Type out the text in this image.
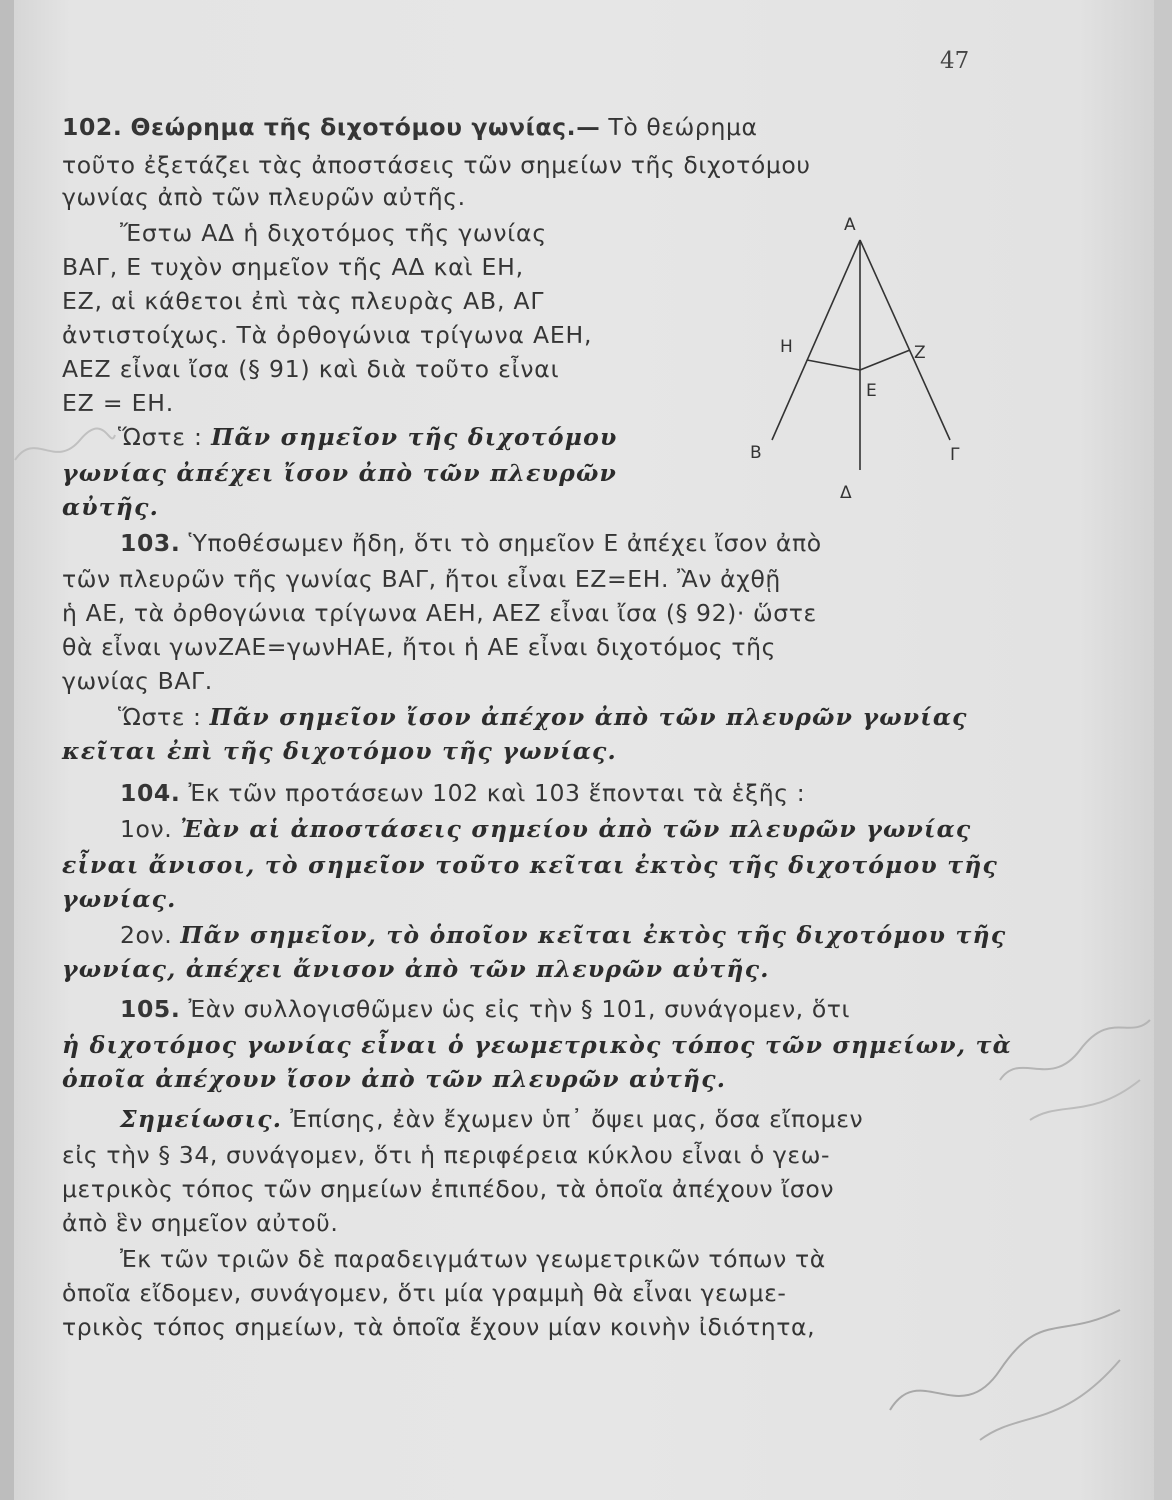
47

102. Θεώρημα τῆς διχοτόμου γωνίας.— Τὸ θεώρημα

τοῦτο ἐξετάζει τὰς ἀποστάσεις τῶν σημείων τῆς διχοτόμου

γωνίας ἀπὸ τῶν πλευρῶν αὐτῆς.

Ἔστω ΑΔ ἡ διχοτόμος τῆς γωνίας

ΒΑΓ, Ε τυχὸν σημεῖον τῆς ΑΔ καὶ ΕΗ,

ΕΖ, αἱ κάθετοι ἐπὶ τὰς πλευρὰς ΑΒ, ΑΓ

ἀντιστοίχως. Τὰ ὀρθογώνια τρίγωνα ΑΕΗ,

ΑΕΖ εἶναι ἴσα (§ 91) καὶ διὰ τοῦτο εἶναι

ΕΖ = ΕΗ.

Ὥστε : Πᾶν σημεῖον τῆς διχοτόμου

γωνίας ἀπέχει ἴσον ἀπὸ τῶν πλευρῶν

αὐτῆς.

Α
Β	Γ
Δ
Ε
Ζ
Η

103. Ὑποθέσωμεν ἤδη, ὅτι τὸ σημεῖον Ε ἀπέχει ἴσον ἀπὸ

τῶν πλευρῶν τῆς γωνίας ΒΑΓ, ἤτοι εἶναι ΕΖ=ΕΗ. Ἂν ἀχθῇ

ἡ ΑΕ, τὰ ὀρθογώνια τρίγωνα ΑΕΗ, ΑΕΖ εἶναι ἴσα (§ 92)· ὥστε

θὰ εἶναι γωνΖΑΕ=γωνΗΑΕ, ἤτοι ἡ ΑΕ εἶναι διχοτόμος τῆς

γωνίας ΒΑΓ.

Ὥστε : Πᾶν σημεῖον ἴσον ἀπέχον ἀπὸ τῶν πλευρῶν γωνίας

κεῖται ἐπὶ τῆς διχοτόμου τῆς γωνίας.

104. Ἐκ τῶν προτάσεων 102 καὶ 103 ἕπονται τὰ ἑξῆς :

1ον. Ἐὰν αἱ ἀποστάσεις σημείου ἀπὸ τῶν πλευρῶν γωνίας

εἶναι ἄνισοι, τὸ σημεῖον τοῦτο κεῖται ἐκτὸς τῆς διχοτόμου τῆς

γωνίας.

2ον. Πᾶν σημεῖον, τὸ ὁποῖον κεῖται ἐκτὸς τῆς διχοτόμου τῆς

γωνίας, ἀπέχει ἄνισον ἀπὸ τῶν πλευρῶν αὐτῆς.

105. Ἐὰν συλλογισθῶμεν ὡς εἰς τὴν § 101, συνάγομεν, ὅτι

ἡ διχοτόμος γωνίας εἶναι ὁ γεωμετρικὸς τόπος τῶν σημείων, τὰ

ὁποῖα ἀπέχουν ἴσον ἀπὸ τῶν πλευρῶν αὐτῆς.

Σημείωσις. Ἐπίσης, ἐὰν ἔχωμεν ὑπ᾽ ὄψει μας, ὅσα εἴπομεν

εἰς τὴν § 34, συνάγομεν, ὅτι ἡ περιφέρεια κύκλου εἶναι ὁ γεω-

μετρικὸς τόπος τῶν σημείων ἐπιπέδου, τὰ ὁποῖα ἀπέχουν ἴσον

ἀπὸ ἓν σημεῖον αὐτοῦ.

Ἐκ τῶν τριῶν δὲ παραδειγμάτων γεωμετρικῶν τόπων τὰ

ὁποῖα εἴδομεν, συνάγομεν, ὅτι μία γραμμὴ θὰ εἶναι γεωμε-

τρικὸς τόπος σημείων, τὰ ὁποῖα ἔχουν μίαν κοινὴν ἰδιότητα,
